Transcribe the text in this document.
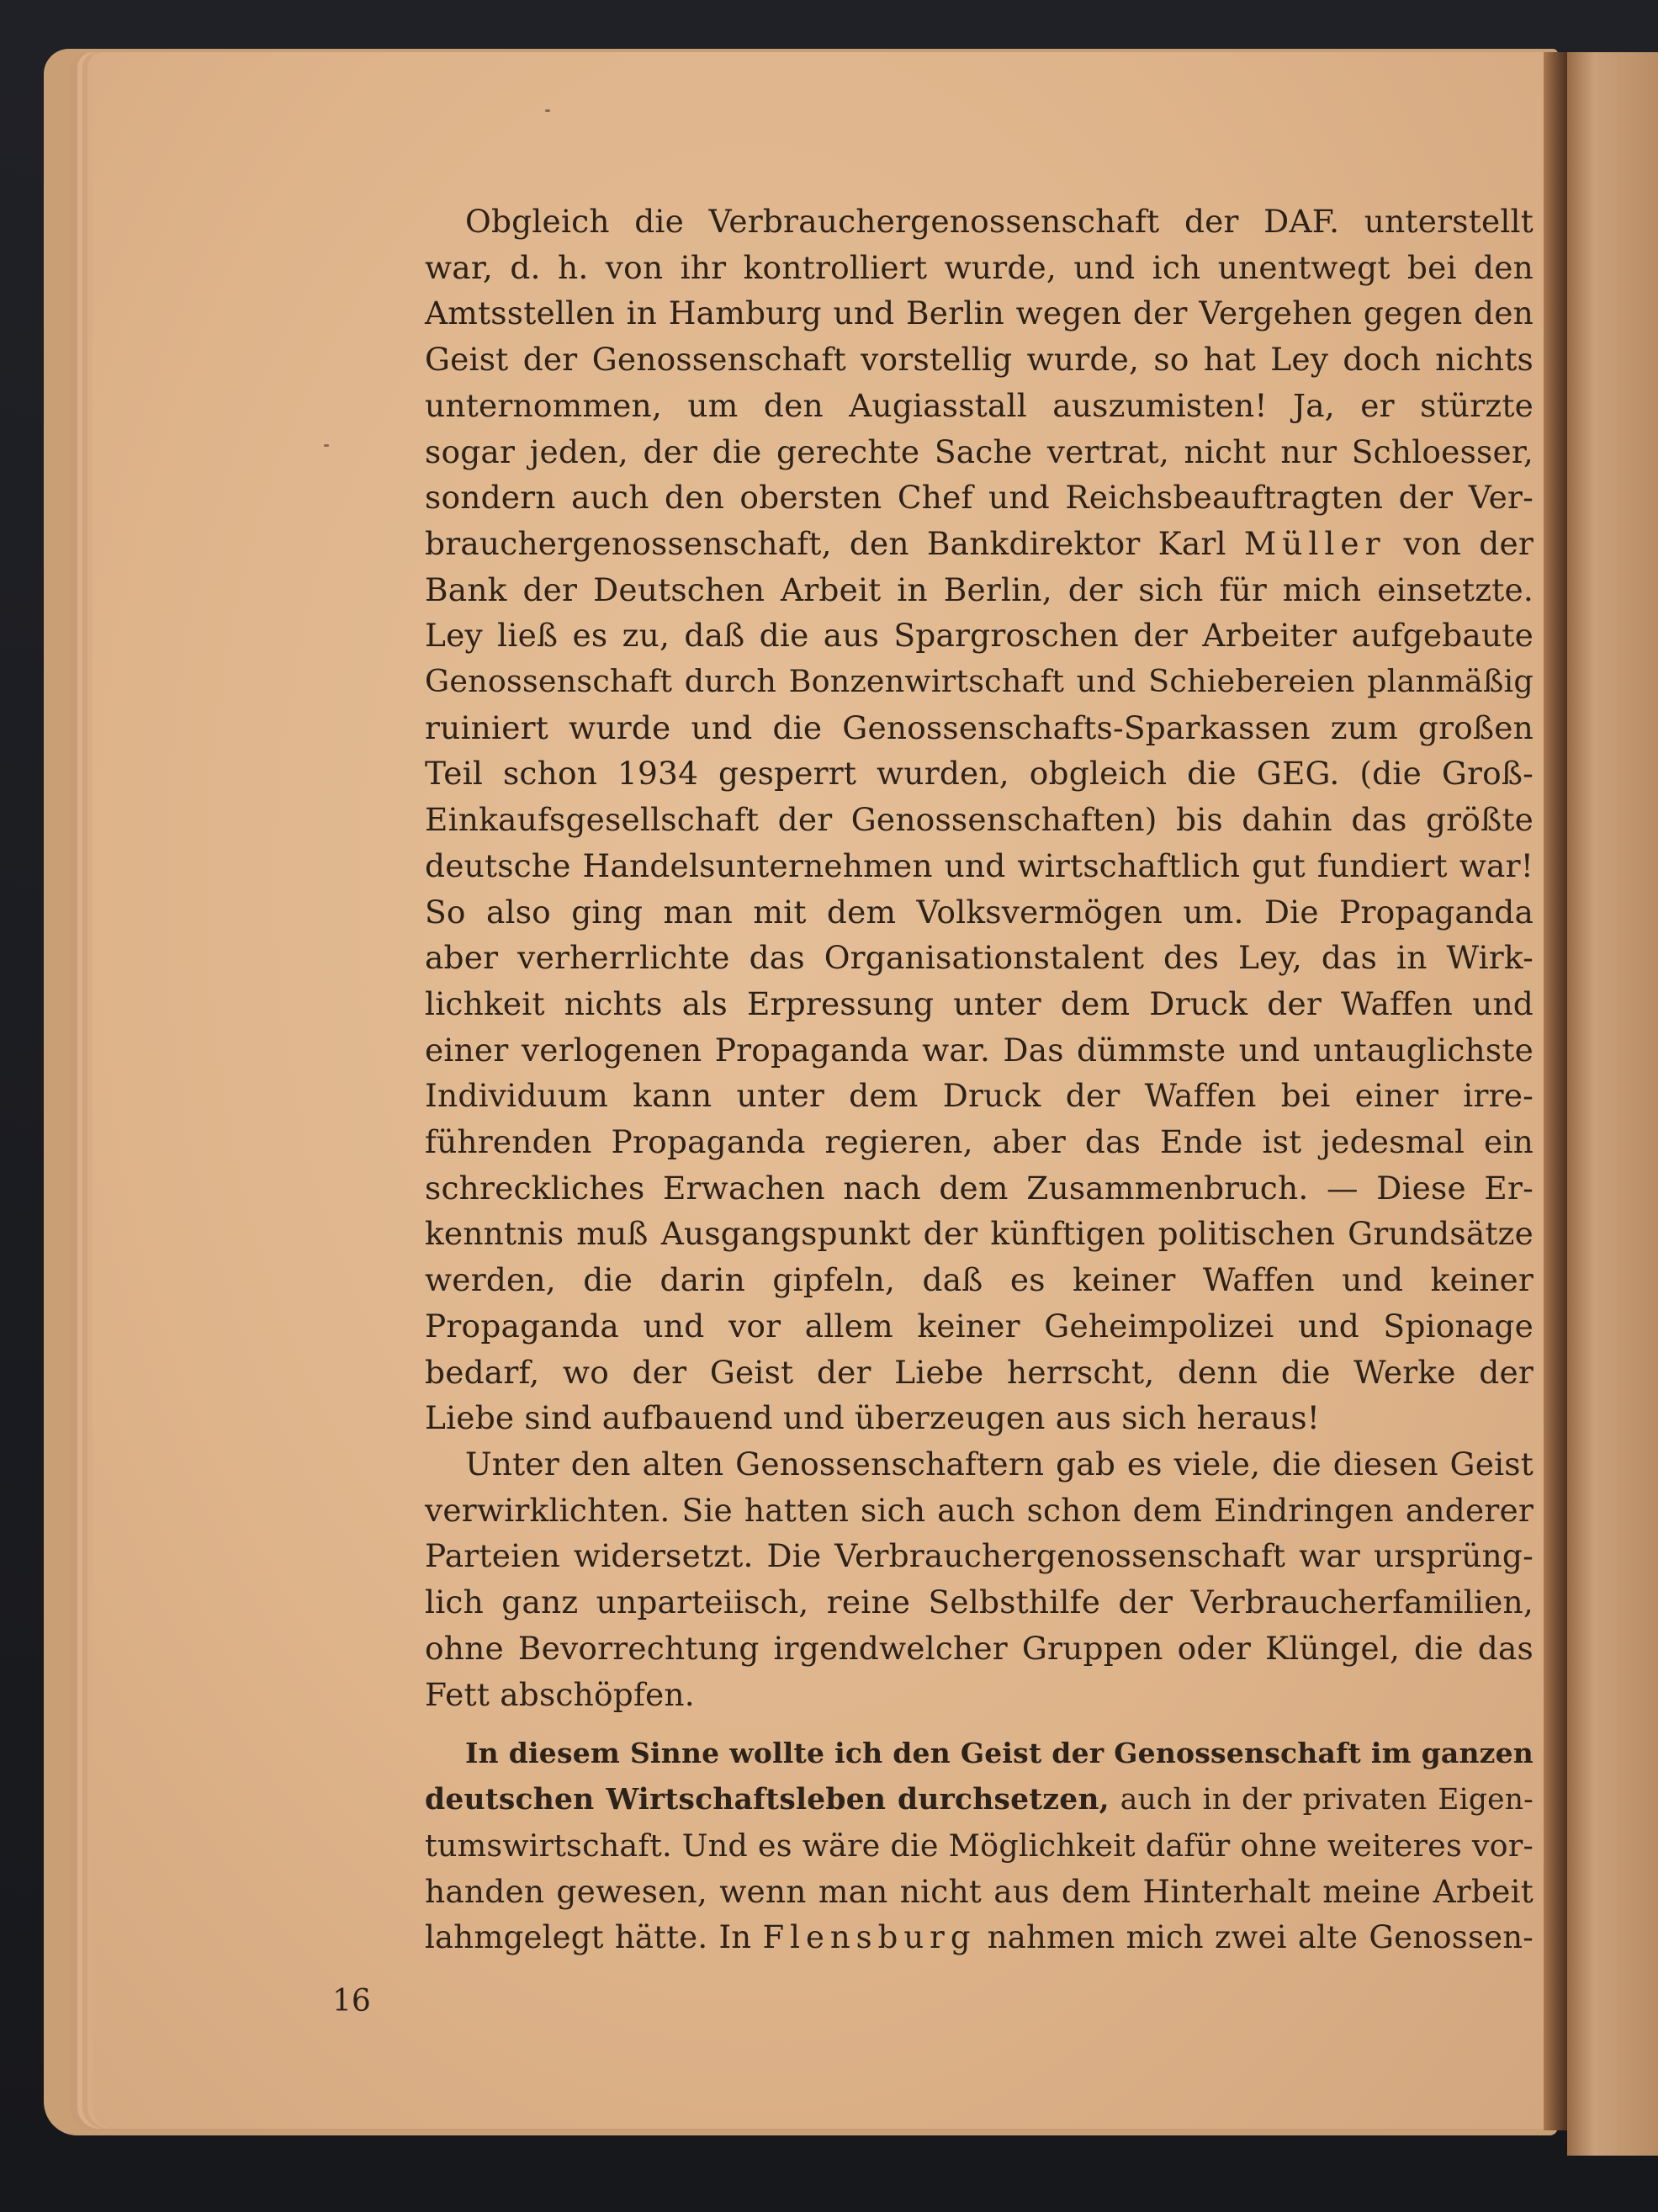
Obgleich die Verbrauchergenossenschaft der DAF. unterstellt
war, d. h. von ihr kontrolliert wurde, und ich unentwegt bei den
Amtsstellen in Hamburg und Berlin wegen der Vergehen gegen den
Geist der Genossenschaft vorstellig wurde, so hat Ley doch nichts
unternommen, um den Augiasstall auszumisten! Ja, er stürzte
sogar jeden, der die gerechte Sache vertrat, nicht nur Schloesser,
sondern auch den obersten Chef und Reichsbeauftragten der Ver-
brauchergenossenschaft, den Bankdirektor Karl Müller von der
Bank der Deutschen Arbeit in Berlin, der sich für mich einsetzte.
Ley ließ es zu, daß die aus Spargroschen der Arbeiter aufgebaute
Genossenschaft durch Bonzenwirtschaft und Schiebereien planmäßig
ruiniert wurde und die Genossenschafts-Sparkassen zum großen
Teil schon 1934 gesperrt wurden, obgleich die GEG. (die Groß-
Einkaufsgesellschaft der Genossenschaften) bis dahin das größte
deutsche Handelsunternehmen und wirtschaftlich gut fundiert war!
So also ging man mit dem Volksvermögen um. Die Propaganda
aber verherrlichte das Organisationstalent des Ley, das in Wirk-
lichkeit nichts als Erpressung unter dem Druck der Waffen und
einer verlogenen Propaganda war. Das dümmste und untauglichste
Individuum kann unter dem Druck der Waffen bei einer irre-
führenden Propaganda regieren, aber das Ende ist jedesmal ein
schreckliches Erwachen nach dem Zusammenbruch. — Diese Er-
kenntnis muß Ausgangspunkt der künftigen politischen Grundsätze
werden, die darin gipfeln, daß es keiner Waffen und keiner
Propaganda und vor allem keiner Geheimpolizei und Spionage
bedarf, wo der Geist der Liebe herrscht, denn die Werke der
Liebe sind aufbauend und überzeugen aus sich heraus!

Unter den alten Genossenschaftern gab es viele, die diesen Geist
verwirklichten. Sie hatten sich auch schon dem Eindringen anderer
Parteien widersetzt. Die Verbrauchergenossenschaft war ursprüng-
lich ganz unparteiisch, reine Selbsthilfe der Verbraucherfamilien,
ohne Bevorrechtung irgendwelcher Gruppen oder Klüngel, die das
Fett abschöpfen.

In diesem Sinne wollte ich den Geist der Genossenschaft im ganzen
deutschen Wirtschaftsleben durchsetzen, auch in der privaten Eigen-
tumswirtschaft. Und es wäre die Möglichkeit dafür ohne weiteres vor-
handen gewesen, wenn man nicht aus dem Hinterhalt meine Arbeit
lahmgelegt hätte. In Flensburg nahmen mich zwei alte Genossen-

16
